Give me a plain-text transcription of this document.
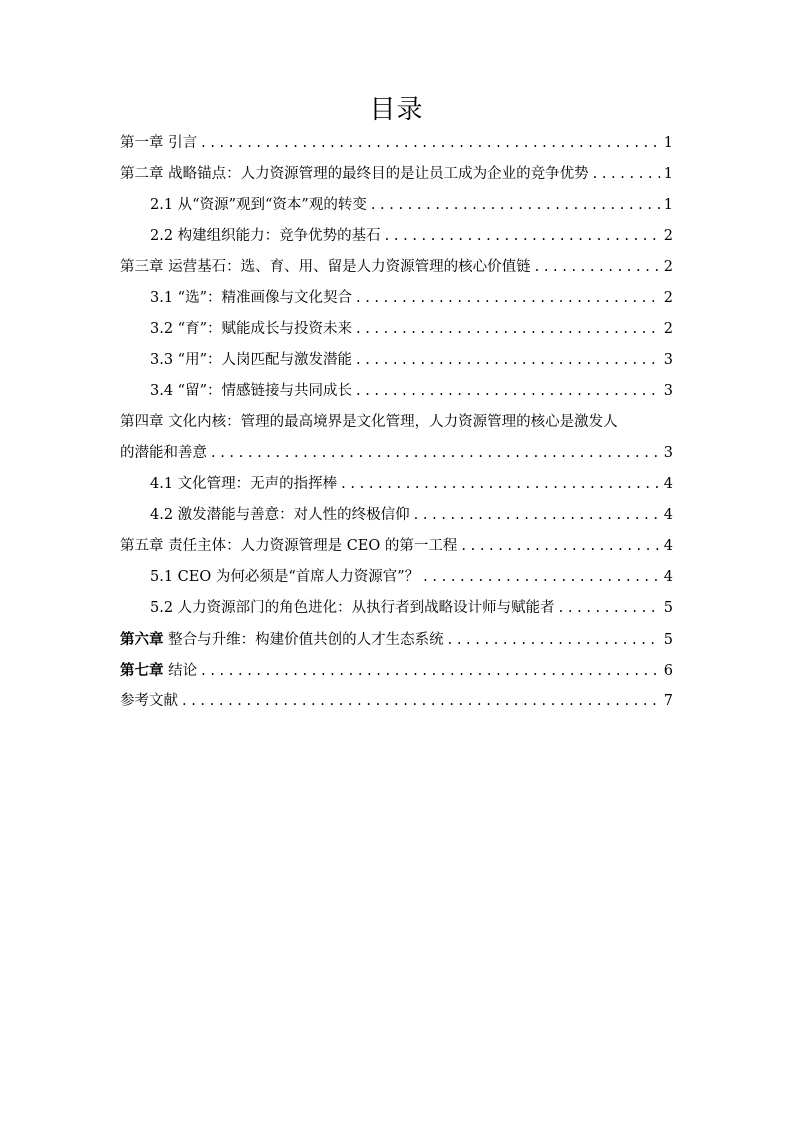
目录
第一章 引言 . . .	1
第二章 战略锚点：人力资源管理的最终目的是让员工成为企业的竞争优势 . . .	1
2.1 从“资源”观到“资本”观的转变 . . .	1
2.2 构建组织能力：竞争优势的基石 . . .	2
第三章 运营基石：选、育、用、留是人力资源管理的核心价值链 . . .	2
3.1 “选”：精准画像与文化契合 . . .	2
3.2 “育”：赋能成长与投资未来 . . .	2
3.3 “用”：人岗匹配与激发潜能 . . .	3
3.4 “留”：情感链接与共同成长 . . .	3
第四章 文化内核：管理的最高境界是文化管理，人力资源管理的核心是激发人
的潜能和善意 . . .	3
4.1 文化管理：无声的指挥棒 . . .	4
4.2 激发潜能与善意：对人性的终极信仰 . . .	4
第五章 责任主体：人力资源管理是 CEO 的第一工程 . . .	4
5.1 CEO 为何必须是“首席人力资源官”？ . . .	4
5.2 人力资源部门的角色进化：从执行者到战略设计师与赋能者 . . .	5
第六章 整合与升维：构建价值共创的人才生态系统 . . .	5
第七章 结论 . . .	6
参考文献 . . .	7
